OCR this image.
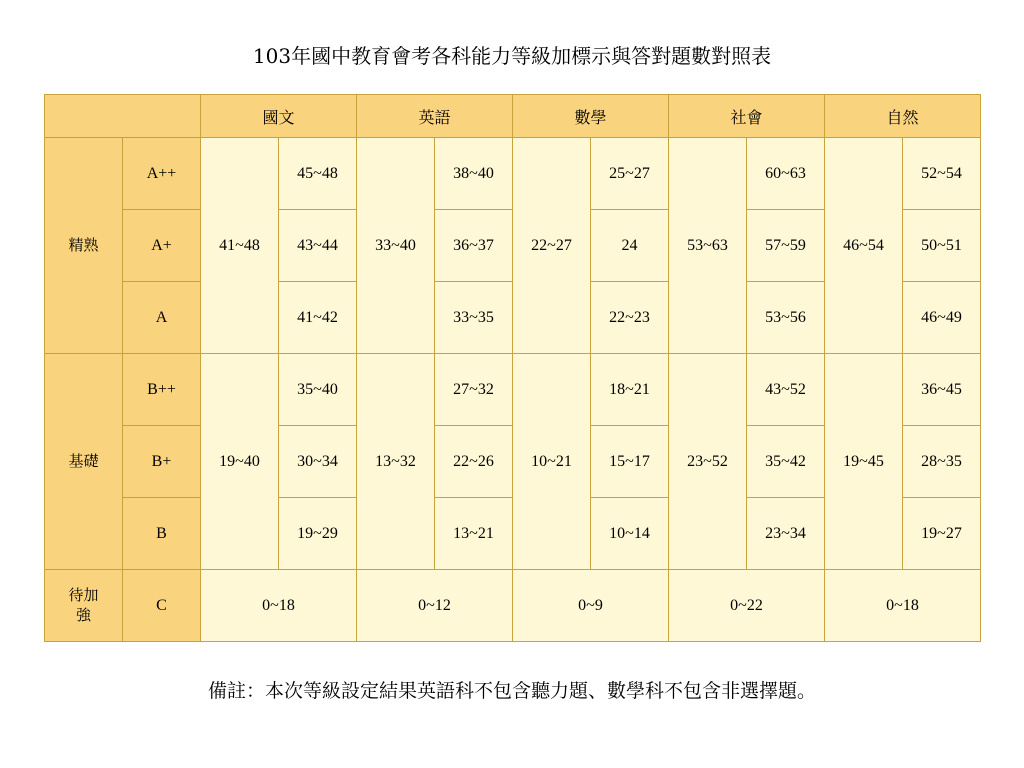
103年國中教育會考各科能力等級加標示與答對題數對照表
		國文		英語		數學		社會		自然	
精熟	A++	41~48	45~48	33~40	38~40	22~27	25~27	53~63	60~63	46~54	52~54
	A+		43~44		36~37		24		57~59		50~51
	A		41~42		33~35		22~23		53~56		46~49
基礎	B++	19~40	35~40	13~32	27~32	10~21	18~21	23~52	43~52	19~45	36~45
	B+		30~34		22~26		15~17		35~42		28~35
	B		19~29		13~21		10~14		23~34		19~27

待加強	C	0~18		0~12		0~9		0~22		0~18	
備註：本次等級設定結果英語科不包含聽力題、數學科不包含非選擇題。
